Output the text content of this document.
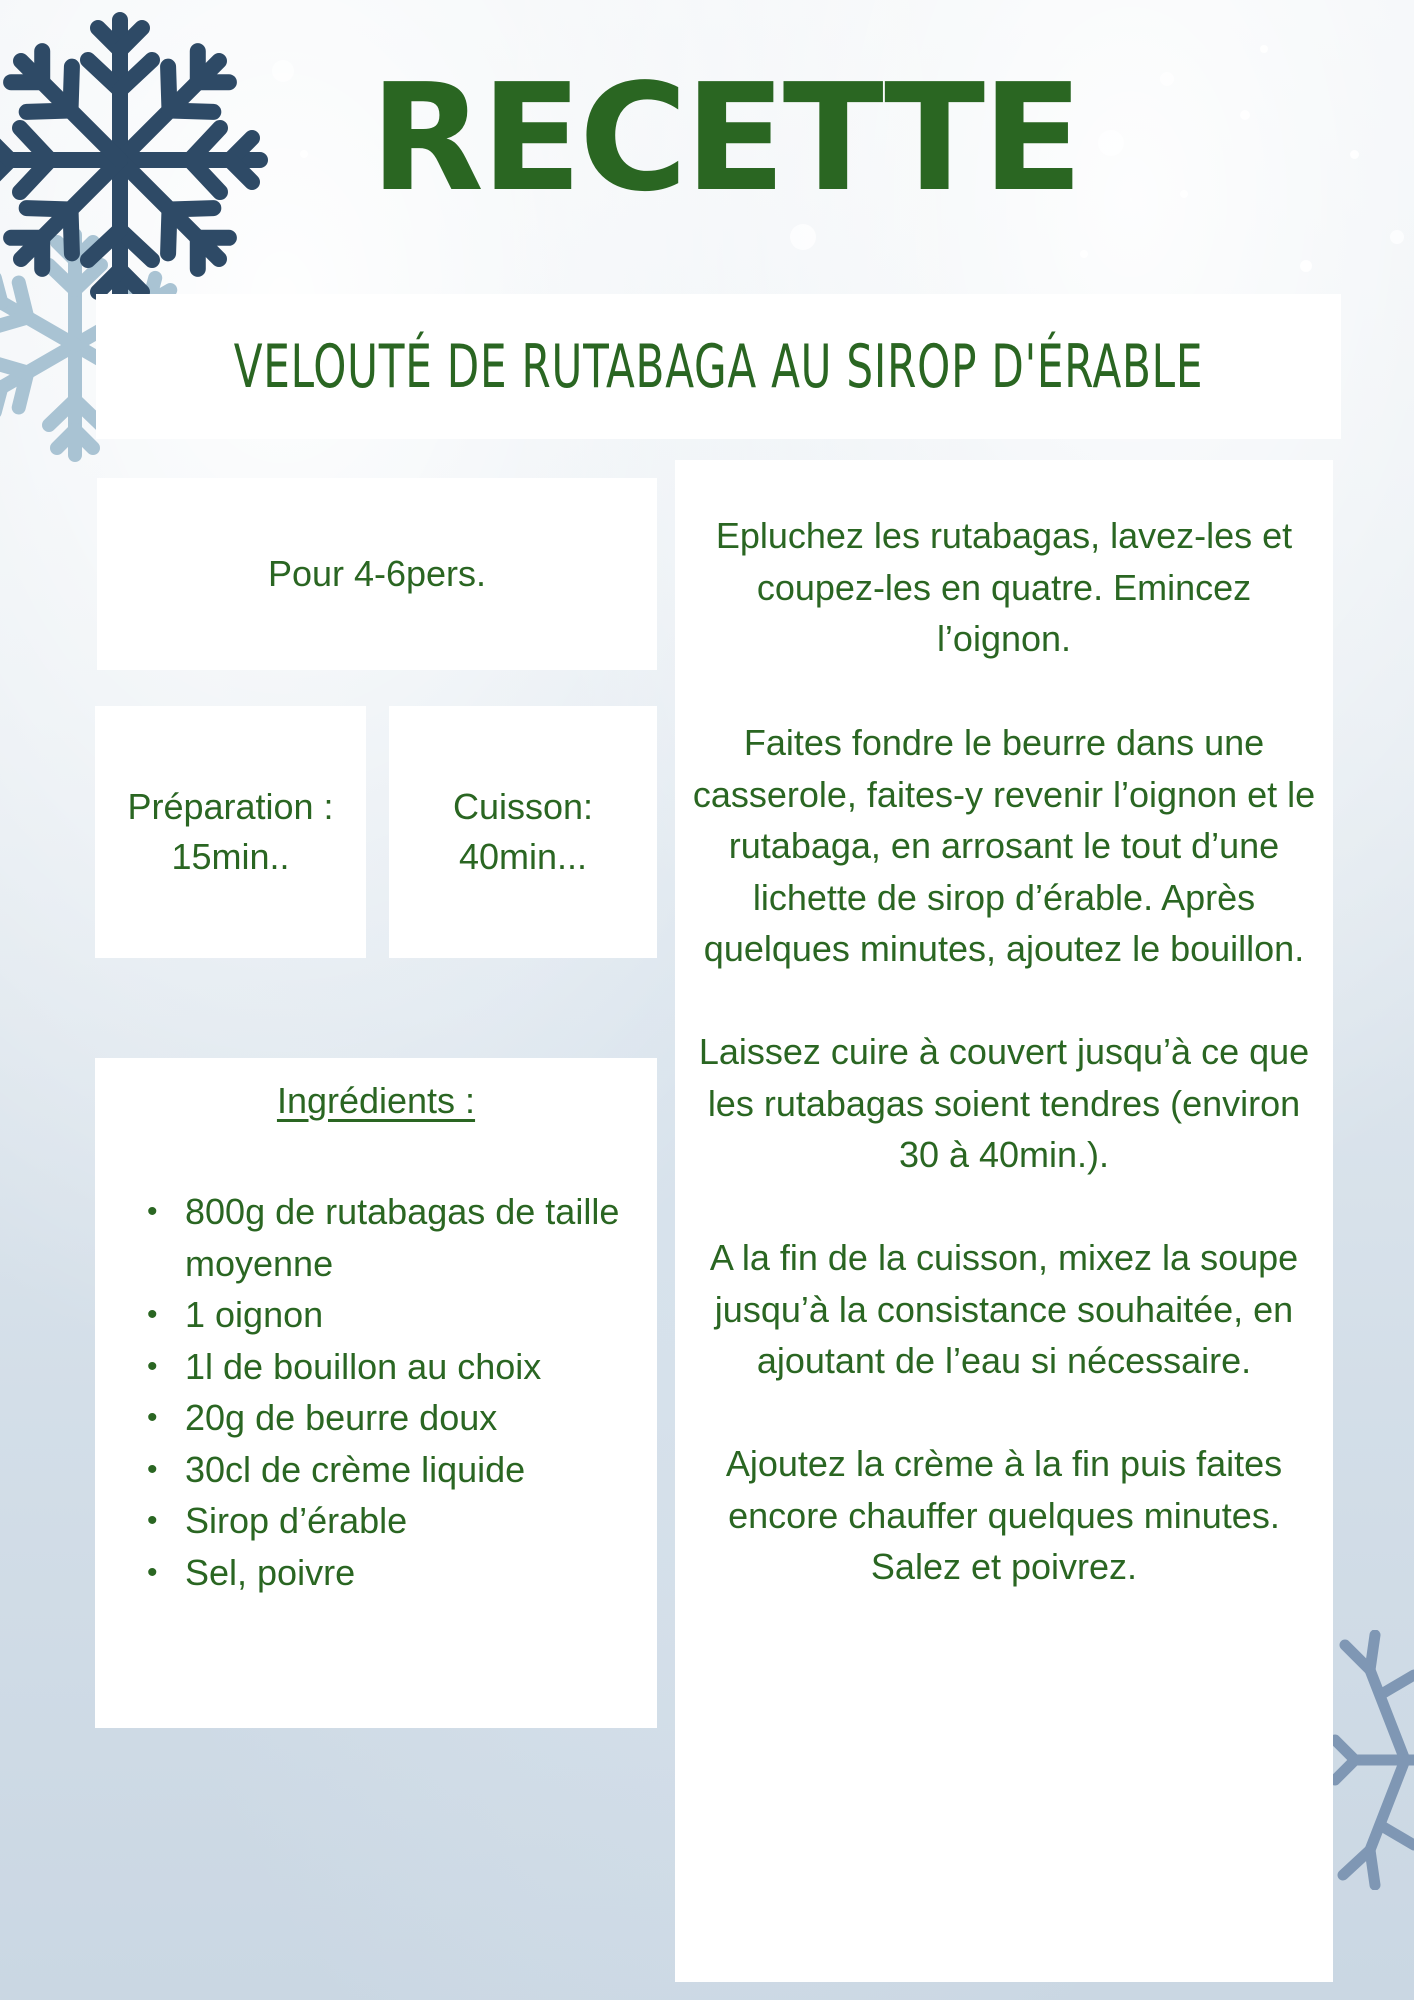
RECETTE
VELOUTÉ DE RUTABAGA AU SIROP D'ÉRABLE
Pour 4-6pers.
Préparation :
15min..
Cuisson:
40min...
Ingrédients :
• 800g de rutabagas de taille moyenne
• 1 oignon
• 1l de bouillon au choix
• 20g de beurre doux
• 30cl de crème liquide
• Sirop d’érable
• Sel, poivre
Epluchez les rutabagas, lavez-les et coupez-les en quatre. Emincez l’oignon.
Faites fondre le beurre dans une casserole, faites-y revenir l’oignon et le rutabaga, en arrosant le tout d’une lichette de sirop d’érable. Après quelques minutes, ajoutez le bouillon.
Laissez cuire à couvert jusqu’à ce que les rutabagas soient tendres (environ 30 à 40min.).
A la fin de la cuisson, mixez la soupe jusqu’à la consistance souhaitée, en ajoutant de l’eau si nécessaire.
Ajoutez la crème à la fin puis faites encore chauffer quelques minutes. Salez et poivrez.
